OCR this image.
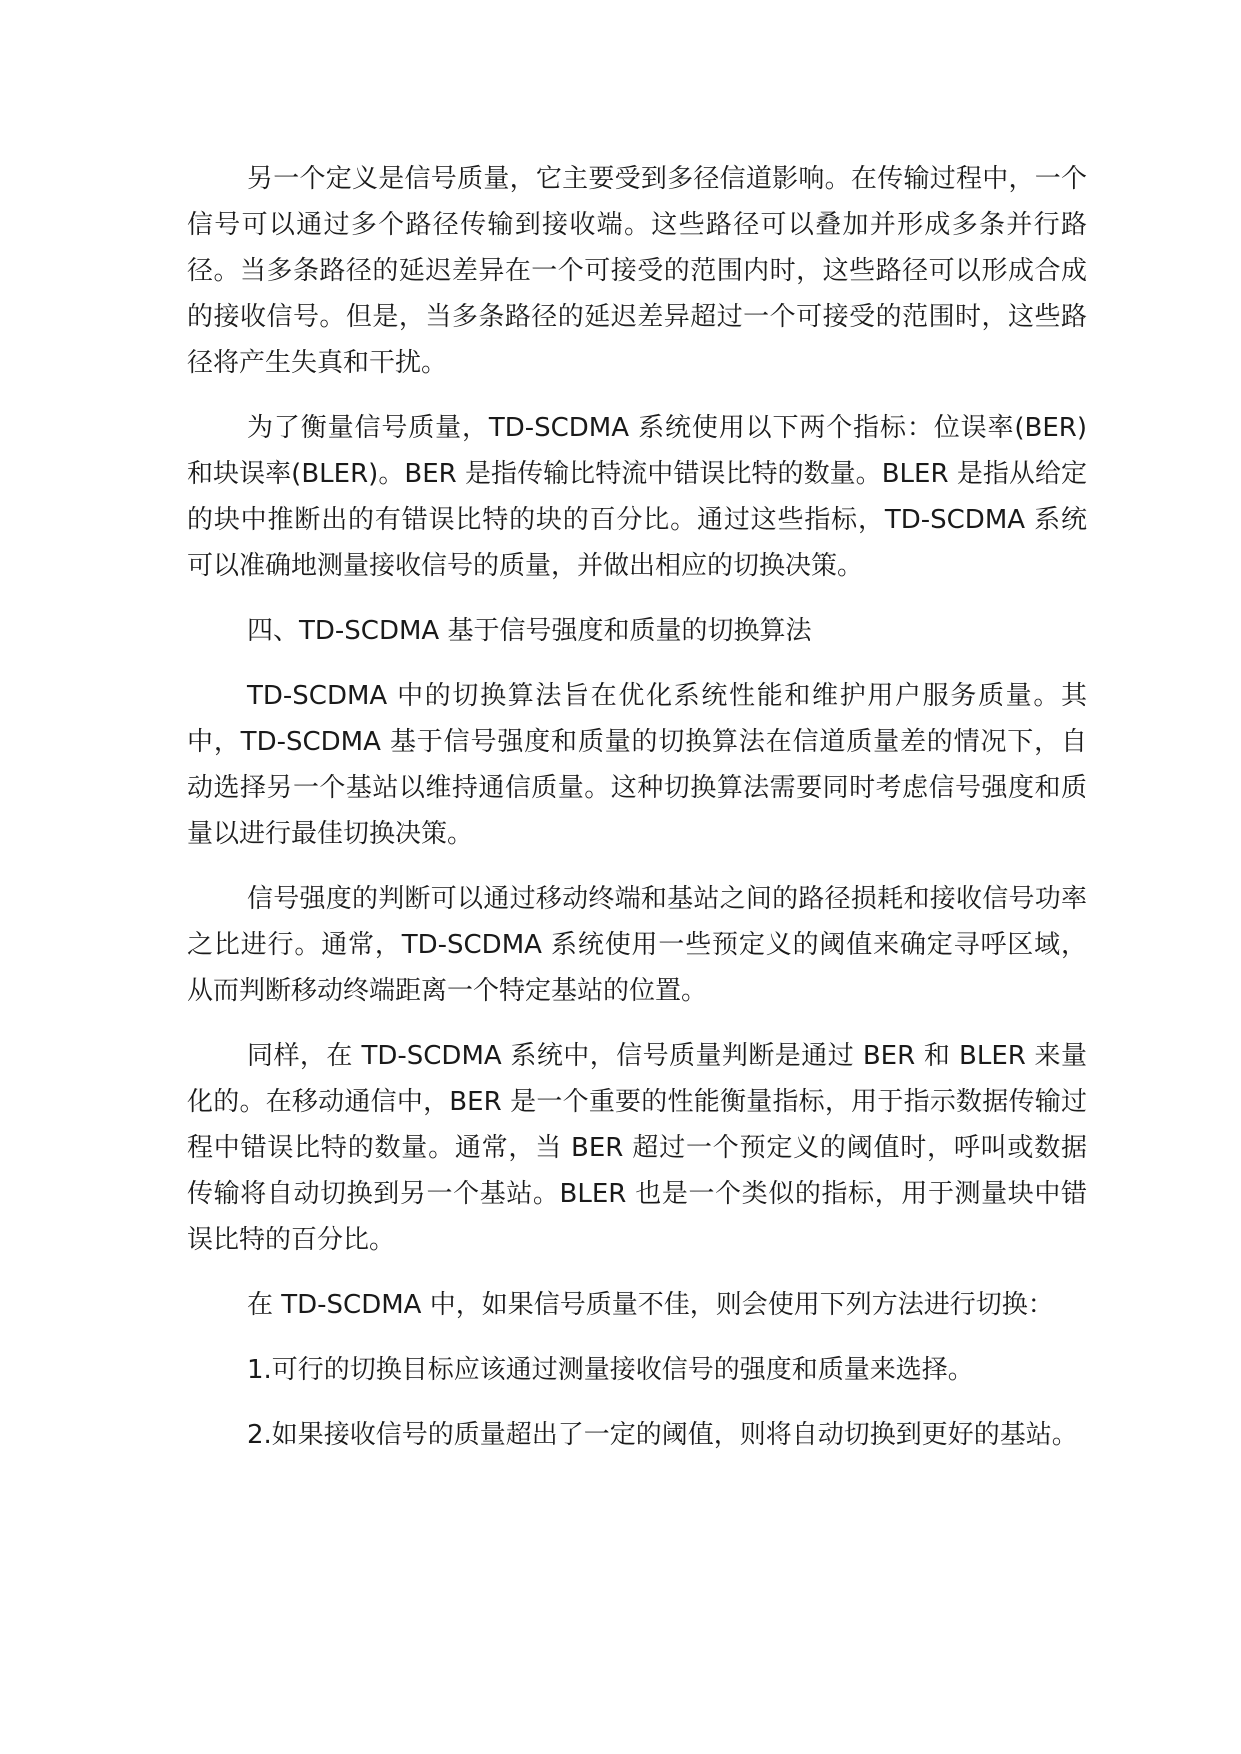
另一个定义是信号质量，它主要受到多径信道影响。在传输过程中，一个信号可以通过多个路径传输到接收端。这些路径可以叠加并形成多条并行路径。当多条路径的延迟差异在一个可接受的范围内时，这些路径可以形成合成的接收信号。但是，当多条路径的延迟差异超过一个可接受的范围时，这些路径将产生失真和干扰。

为了衡量信号质量，TD-SCDMA 系统使用以下两个指标：位误率(BER)和块误率(BLER)。BER 是指传输比特流中错误比特的数量。BLER 是指从给定的块中推断出的有错误比特的块的百分比。通过这些指标，TD-SCDMA 系统可以准确地测量接收信号的质量，并做出相应的切换决策。

四、TD-SCDMA 基于信号强度和质量的切换算法

TD-SCDMA 中的切换算法旨在优化系统性能和维护用户服务质量。其中，TD-SCDMA 基于信号强度和质量的切换算法在信道质量差的情况下，自动选择另一个基站以维持通信质量。这种切换算法需要同时考虑信号强度和质量以进行最佳切换决策。

信号强度的判断可以通过移动终端和基站之间的路径损耗和接收信号功率之比进行。通常，TD-SCDMA 系统使用一些预定义的阈值来确定寻呼区域，从而判断移动终端距离一个特定基站的位置。

同样，在 TD-SCDMA 系统中，信号质量判断是通过 BER 和 BLER 来量化的。在移动通信中，BER 是一个重要的性能衡量指标，用于指示数据传输过程中错误比特的数量。通常，当 BER 超过一个预定义的阈值时，呼叫或数据传输将自动切换到另一个基站。BLER 也是一个类似的指标，用于测量块中错误比特的百分比。

在 TD-SCDMA 中，如果信号质量不佳，则会使用下列方法进行切换：

1.可行的切换目标应该通过测量接收信号的强度和质量来选择。

2.如果接收信号的质量超出了一定的阈值，则将自动切换到更好的基站。
